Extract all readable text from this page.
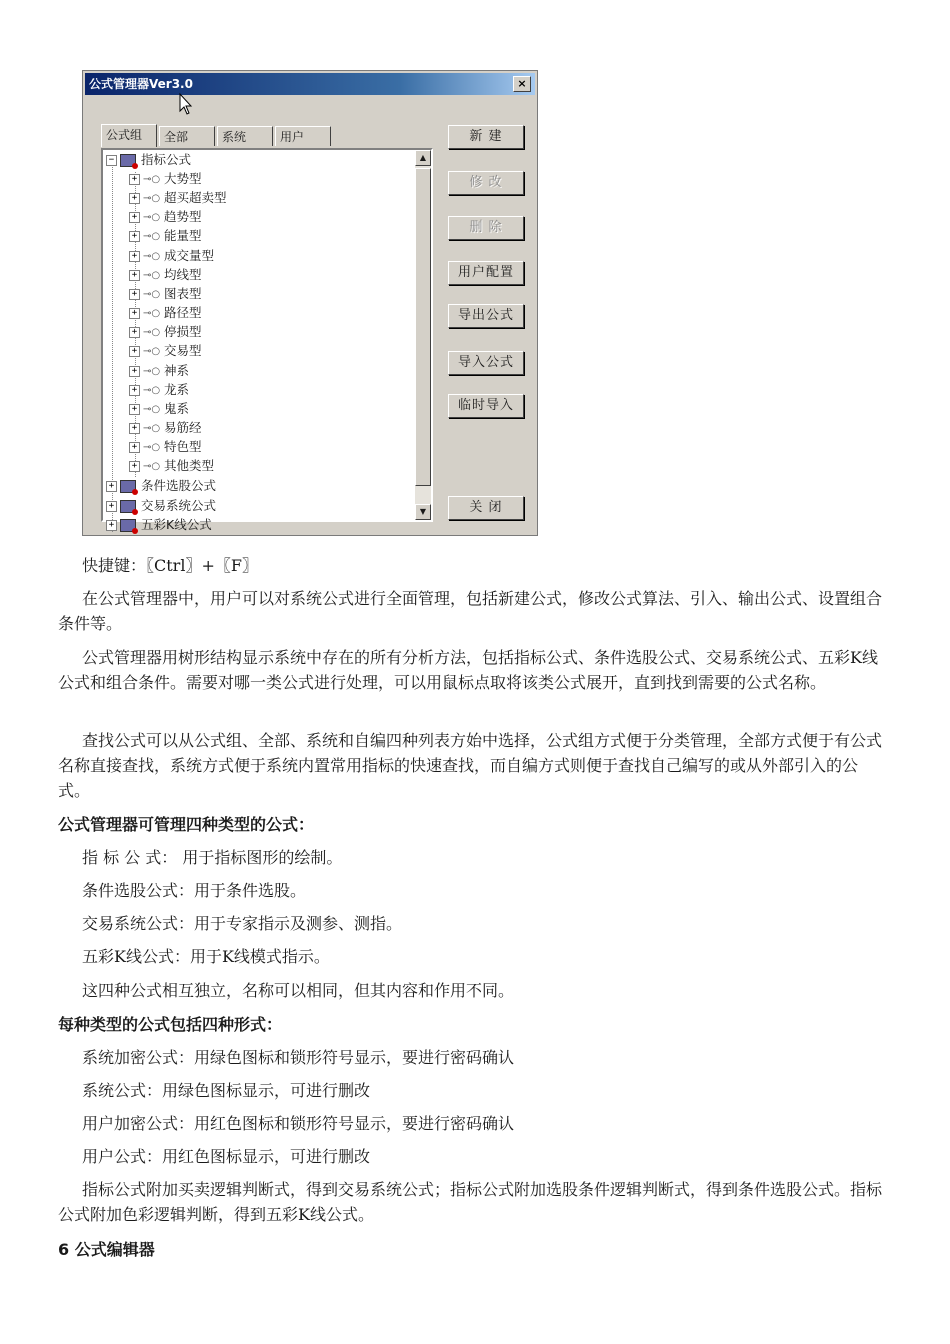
公式管理器Ver3.0	×
公式组	全部	系统	用户
− 指标公式
+ ⊸○ 大势型
+ ⊸○ 超买超卖型
+ ⊸○ 趋势型
+ ⊸○ 能量型
+ ⊸○ 成交量型
+ ⊸○ 均线型
+ ⊸○ 图表型
+ ⊸○ 路径型
+ ⊸○ 停损型
+ ⊸○ 交易型
+ ⊸○ 神系
+ ⊸○ 龙系
+ ⊸○ 鬼系
+ ⊸○ 易筋经
+ ⊸○ 特色型
+ ⊸○ 其他类型
+ 条件选股公式
+ 交易系统公式
+ 五彩K线公式
▲
▼
新 建
修 改
删 除
用户配置
导出公式
导入公式
临时导入
关 闭

快捷键：〖Ctrl〗+〖F〗

在公式管理器中，用户可以对系统公式进行全面管理，包括新建公式，修改公式算法、引入、输出公式、设置组合条件等。

公式管理器用树形结构显示系统中存在的所有分析方法，包括指标公式、条件选股公式、交易系统公式、五彩K线公式和组合条件。需要对哪一类公式进行处理，可以用鼠标点取将该类公式展开，直到找到需要的公式名称。

查找公式可以从公式组、全部、系统和自编四种列表方始中选择，公式组方式便于分类管理，全部方式便于有公式名称直接查找，系统方式便于系统内置常用指标的快速查找，而自编方式则便于查找自己编写的或从外部引入的公式。

公式管理器可管理四种类型的公式：

指 标 公 式： 用于指标图形的绘制。

条件选股公式：用于条件选股。

交易系统公式：用于专家指示及测参、测指。

五彩K线公式：用于K线模式指示。

这四种公式相互独立，名称可以相同，但其内容和作用不同。

每种类型的公式包括四种形式：

系统加密公式：用绿色图标和锁形符号显示，要进行密码确认

系统公式：用绿色图标显示，可进行删改

用户加密公式：用红色图标和锁形符号显示，要进行密码确认

用户公式：用红色图标显示，可进行删改

指标公式附加买卖逻辑判断式，得到交易系统公式；指标公式附加选股条件逻辑判断式，得到条件选股公式。指标公式附加色彩逻辑判断，得到五彩K线公式。

6 公式编辑器
